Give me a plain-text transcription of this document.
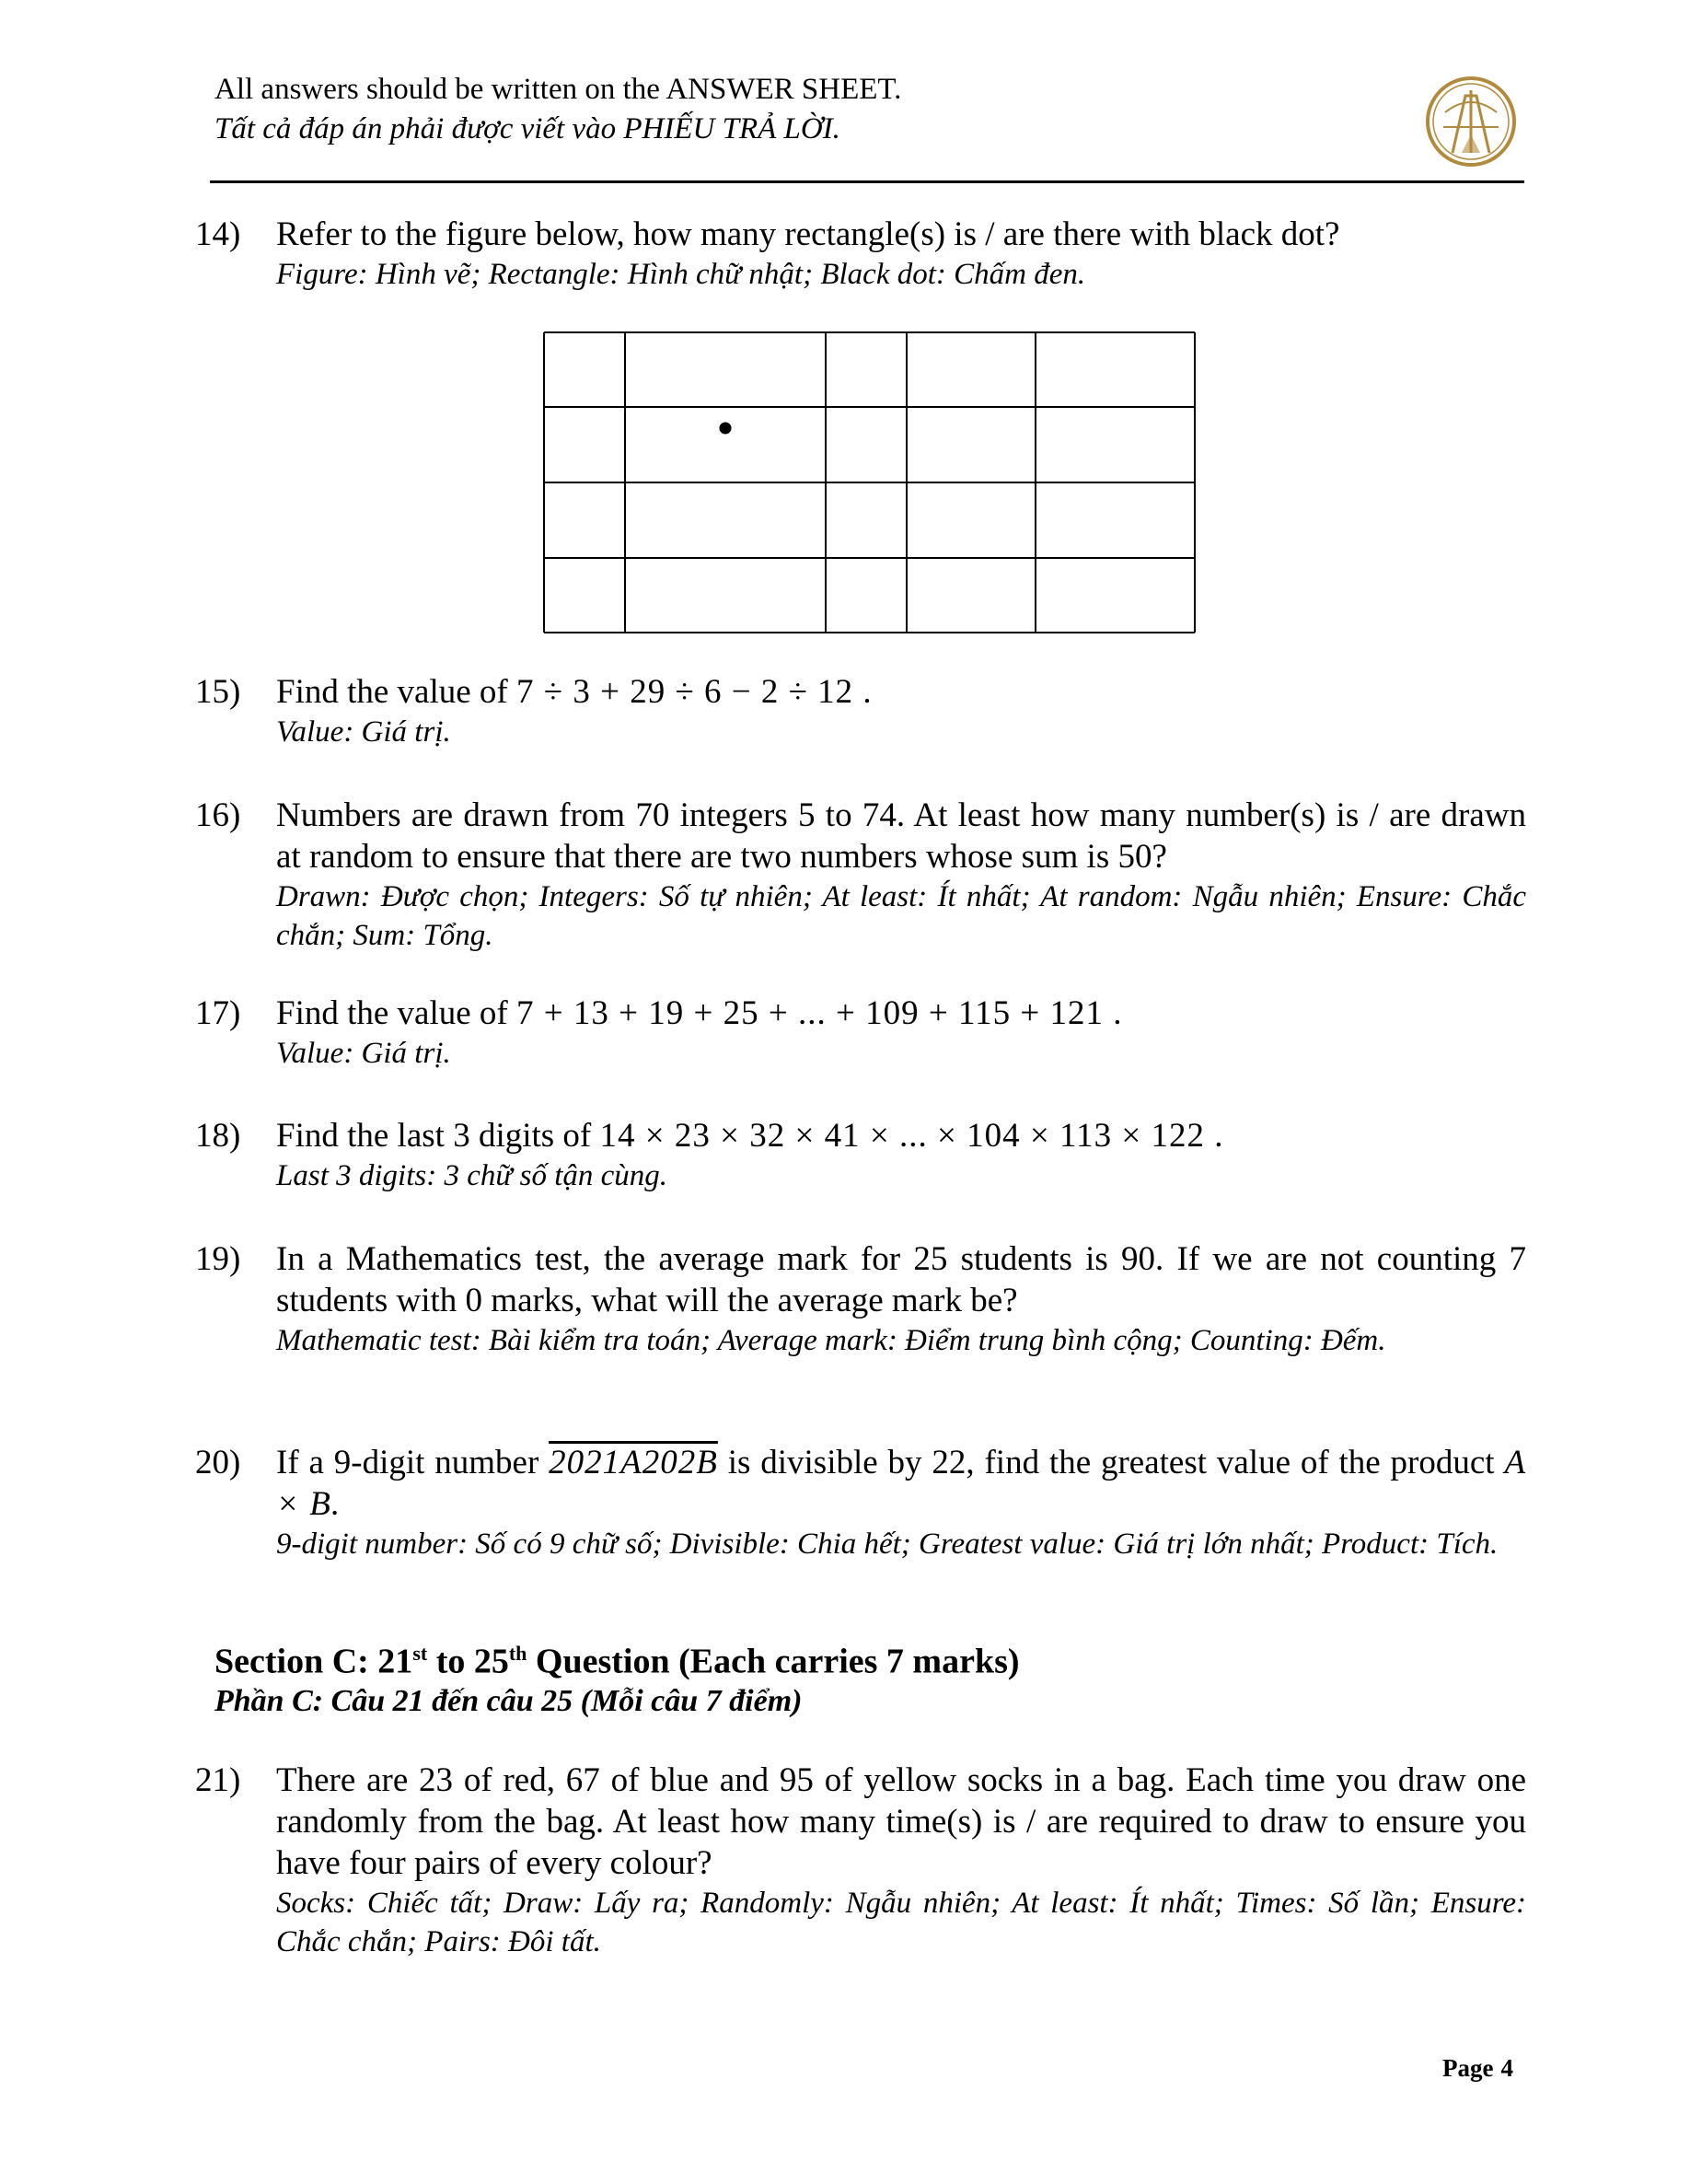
All answers should be written on the ANSWER SHEET.
Tất cả đáp án phải được viết vào PHIẾU TRẢ LỜI.
14) Refer to the figure below, how many rectangle(s) is / are there with black dot?
Figure: Hình vẽ; Rectangle: Hình chữ nhật; Black dot: Chấm đen.
15) Find the value of 7 ÷ 3 + 29 ÷ 6 − 2 ÷ 12 .
Value: Giá trị.
16) Numbers are drawn from 70 integers 5 to 74. At least how many number(s) is / are drawn at random to ensure that there are two numbers whose sum is 50?
Drawn: Được chọn; Integers: Số tự nhiên; At least: Ít nhất; At random: Ngẫu nhiên; Ensure: Chắc chắn; Sum: Tổng.
17) Find the value of 7 + 13 + 19 + 25 + ... + 109 + 115 + 121 .
Value: Giá trị.
18) Find the last 3 digits of 14 × 23 × 32 × 41 × ... × 104 × 113 × 122 .
Last 3 digits: 3 chữ số tận cùng.
19) In a Mathematics test, the average mark for 25 students is 90. If we are not counting 7 students with 0 marks, what will the average mark be?
Mathematic test: Bài kiểm tra toán; Average mark: Điểm trung bình cộng; Counting: Đếm.
20) If a 9-digit number 2021A202B is divisible by 22, find the greatest value of the product A × B.
9-digit number: Số có 9 chữ số; Divisible: Chia hết; Greatest value: Giá trị lớn nhất; Product: Tích.
Section C: 21st to 25th Question (Each carries 7 marks)
Phần C: Câu 21 đến câu 25 (Mỗi câu 7 điểm)
21) There are 23 of red, 67 of blue and 95 of yellow socks in a bag. Each time you draw one randomly from the bag. At least how many time(s) is / are required to draw to ensure you have four pairs of every colour?
Socks: Chiếc tất; Draw: Lấy ra; Randomly: Ngẫu nhiên; At least: Ít nhất; Times: Số lần; Ensure: Chắc chắn; Pairs: Đôi tất.
Page 4
